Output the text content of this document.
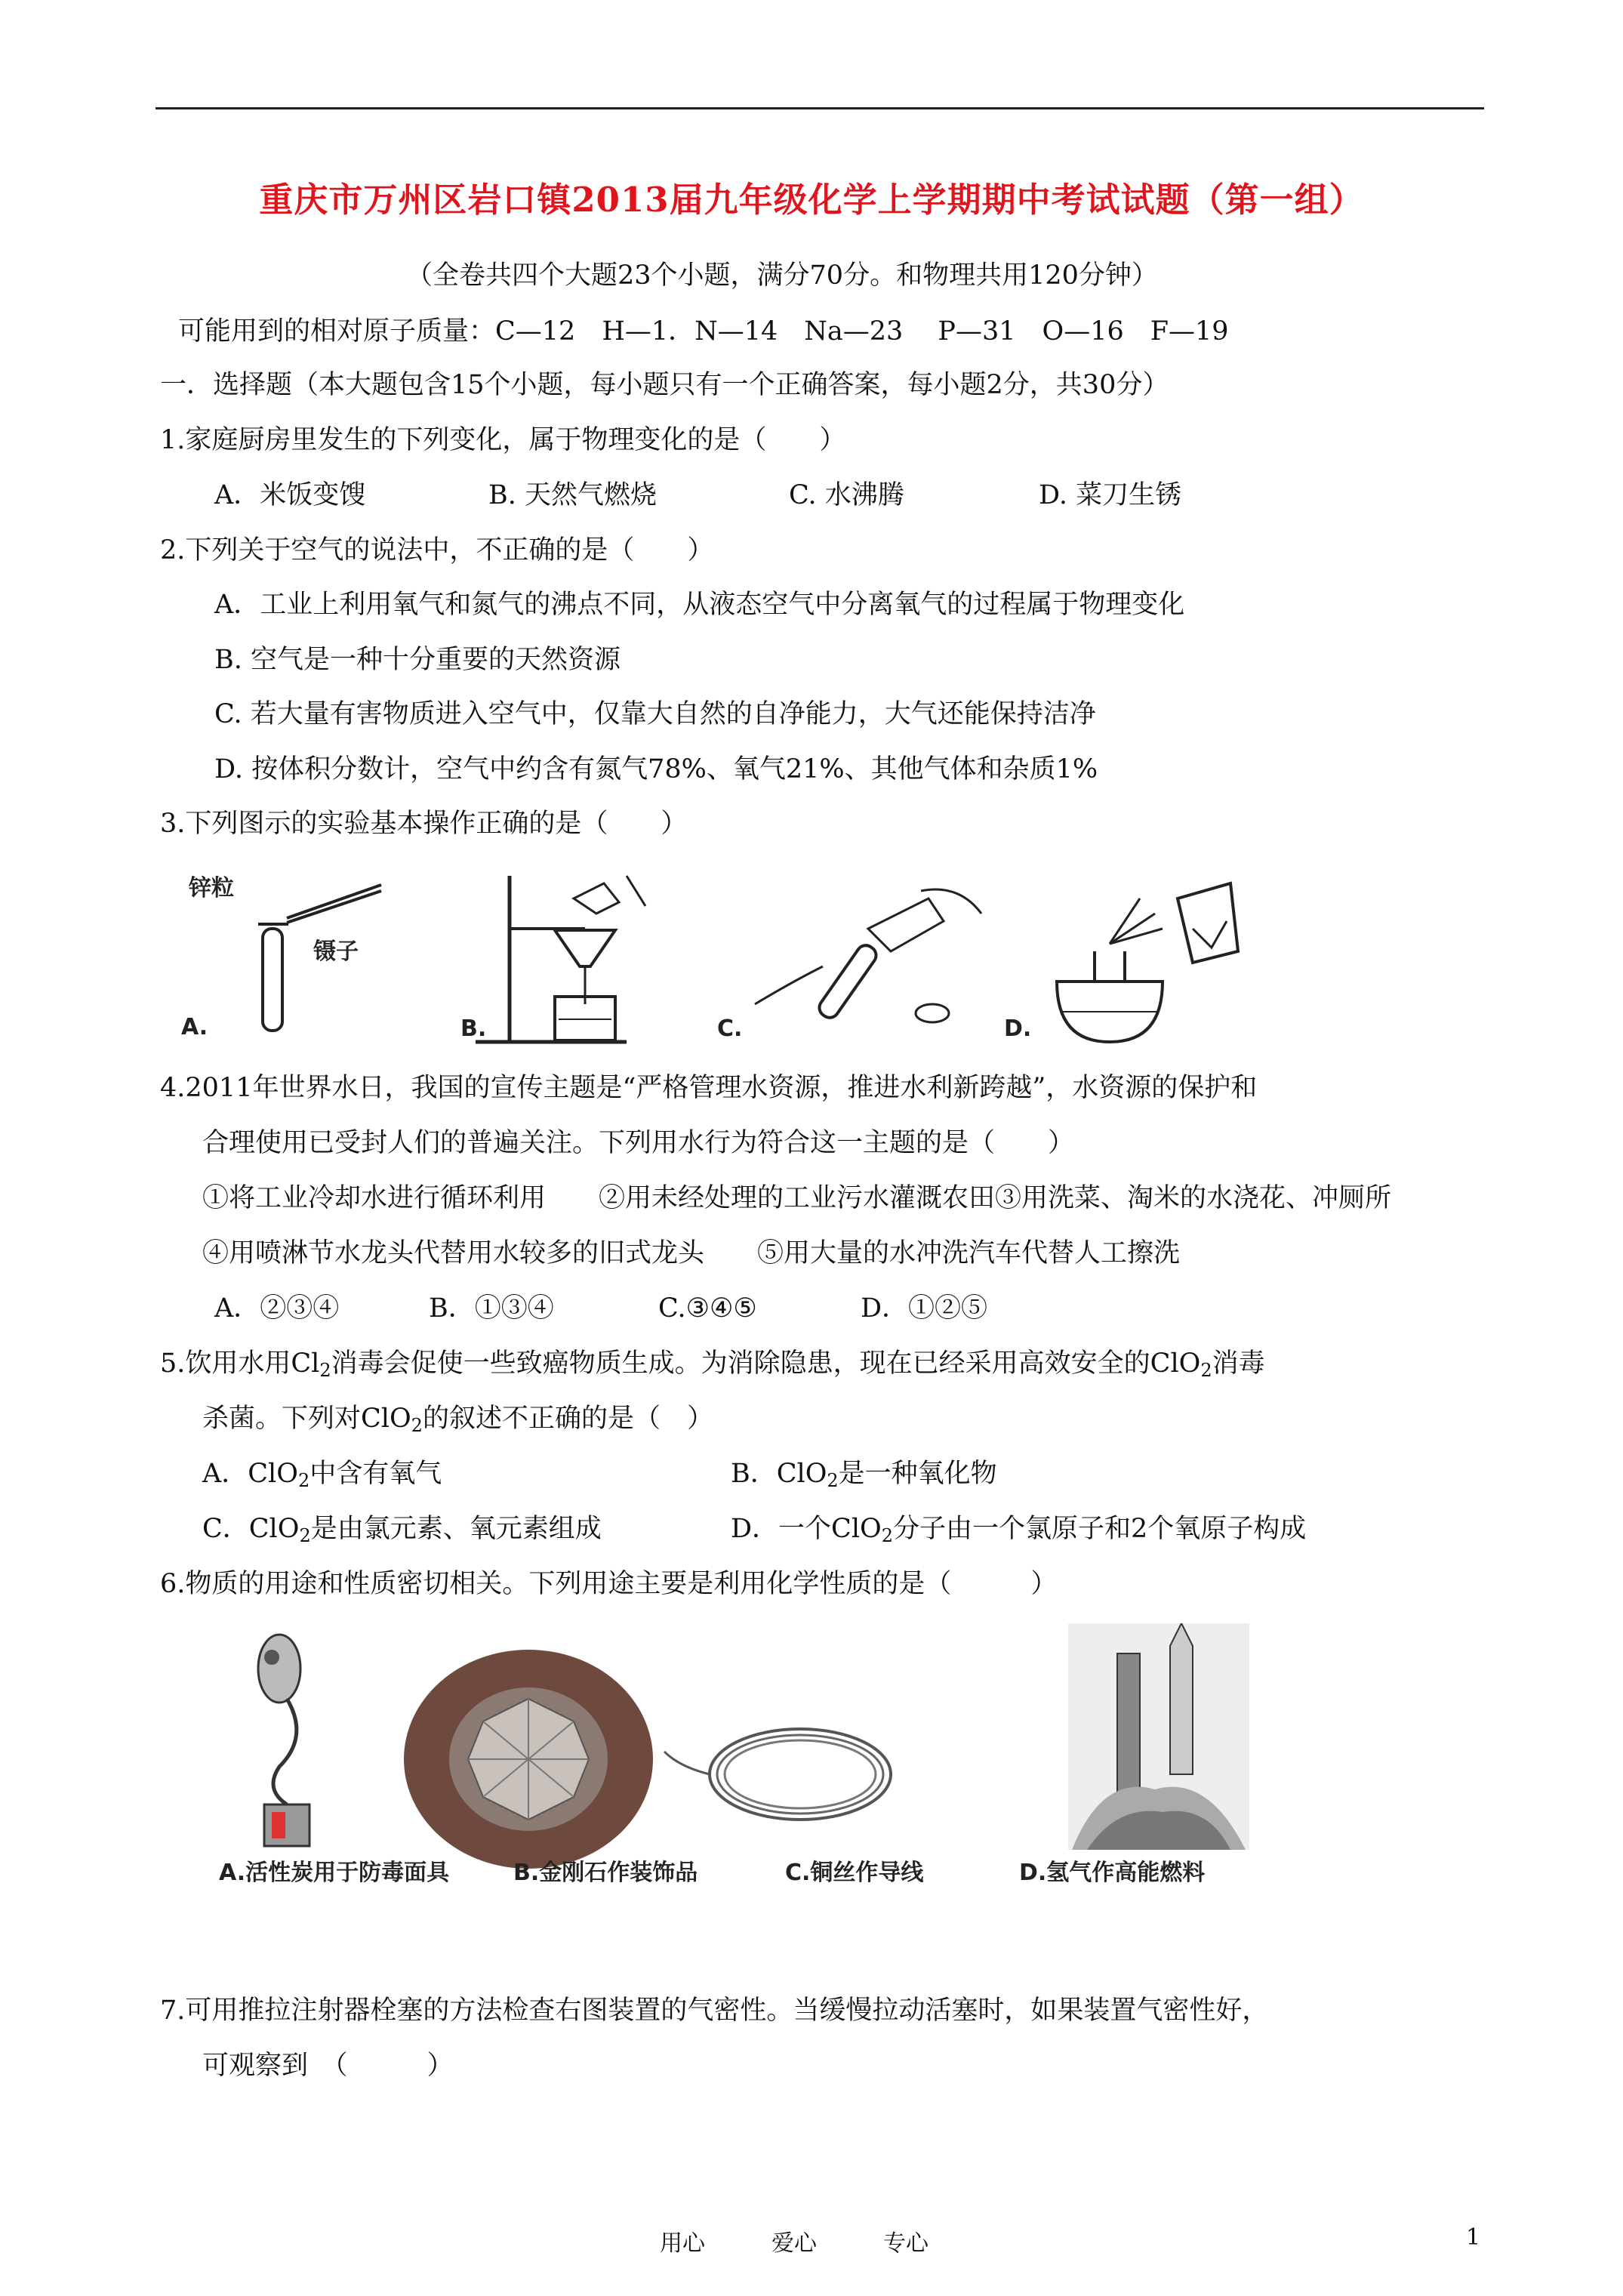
重庆市万州区岩口镇2013届九年级化学上学期期中考试试题（第一组）
（全卷共四个大题23个小题，满分70分。和物理共用120分钟）
可能用到的相对原子质量：C—12　H—1．N—14　Na—23　 P—31　O—16　F—19
一．选择题（本大题包含15个小题，每小题只有一个正确答案，每小题2分，共30分）
1.家庭厨房里发生的下列变化，属于物理变化的是（　　）
A．米饭变馊	B. 天然气燃烧	C. 水沸腾	D. 菜刀生锈
2.下列关于空气的说法中，不正确的是（　　）
A．工业上利用氧气和氮气的沸点不同，从液态空气中分离氧气的过程属于物理变化
B. 空气是一种十分重要的天然资源
C. 若大量有害物质进入空气中，仅靠大自然的自净能力，大气还能保持洁净
D. 按体积分数计，空气中约含有氮气78%、氧气21%、其他气体和杂质1%
3.下列图示的实验基本操作正确的是（　　）
锌粒
镊子
A.	B.	C.	D.
4.2011年世界水日，我国的宣传主题是“严格管理水资源，推进水利新跨越”，水资源的保护和
合理使用已受封人们的普遍关注。下列用水行为符合这一主题的是（　　）
①将工业冷却水进行循环利用　　②用未经处理的工业污水灌溉农田③用洗菜、淘米的水浇花、冲厕所
④用喷淋节水龙头代替用水较多的旧式龙头　　⑤用大量的水冲洗汽车代替人工擦洗
A．②③④	B．①③④	C.③④⑤	D．①②⑤
5.饮用水用$Cl_2$消毒会促使一些致癌物质生成。为消除隐患，现在已经采用高效安全的ClO$_2$消毒
杀菌。下列对ClO$_2$的叙述不正确的是（　）
A．ClO$_2$中含有氧气	B．ClO$_2$是一种氧化物
C．ClO$_2$是由氯元素、氧元素组成	D．一个ClO$_2$分子由一个氯原子和2个氧原子构成
6.物质的用途和性质密切相关。下列用途主要是利用化学性质的是（　　　）
A.活性炭用于防毒面具	B.金刚石作装饰品	C.铜丝作导线	D.氢气作高能燃料
7.可用推拉注射器栓塞的方法检查右图装置的气密性。当缓慢拉动活塞时，如果装置气密性好，
可观察到　（　　　）
用心	爱心	专心	1
